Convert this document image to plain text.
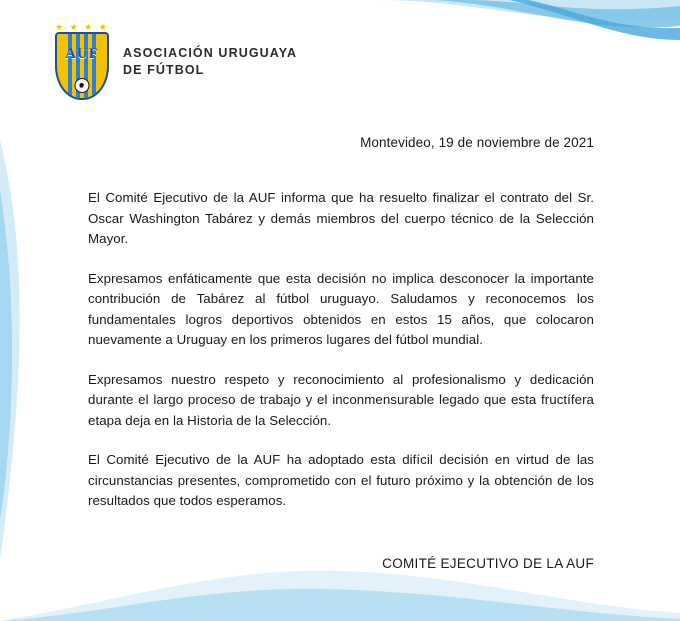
★ ★ ★ ★
AUF	ASOCIACIÓN URUGUAYA
DE FÚTBOL
Montevideo, 19 de noviembre de 2021

El Comité Ejecutivo de la AUF informa que ha resuelto finalizar el contrato del Sr. Oscar Washington Tabárez y demás miembros del cuerpo técnico de la Selección Mayor.

Expresamos enfáticamente que esta decisión no implica desconocer la importante contribución de Tabárez al fútbol uruguayo. Saludamos y reconocemos los fundamentales logros deportivos obtenidos en estos 15 años, que colocaron nuevamente a Uruguay en los primeros lugares del fútbol mundial.

Expresamos nuestro respeto y reconocimiento al profesionalismo y dedicación durante el largo proceso de trabajo y el inconmensurable legado que esta fructífera etapa deja en la Historia de la Selección.

El Comité Ejecutivo de la AUF ha adoptado esta difícil decisión en virtud de las circunstancias presentes, comprometido con el futuro próximo y la obtención de los resultados que todos esperamos.

COMITÉ EJECUTIVO DE LA AUF
